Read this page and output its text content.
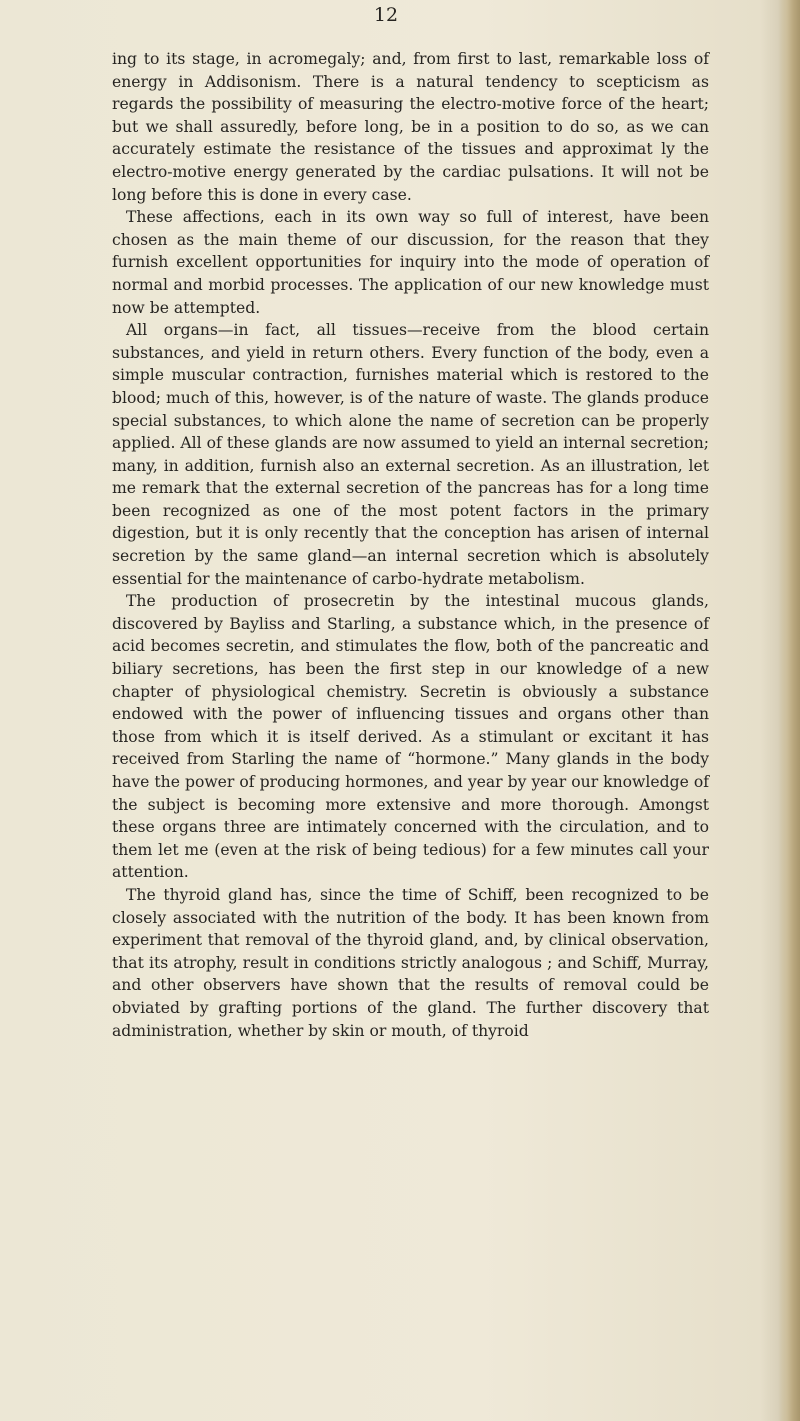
12

ing to its stage, in acromegaly; and, from first to last, remarkable loss of energy in Addisonism. There is a natural tendency to scepticism as regards the possibility of measuring the electro-motive force of the heart; but we shall assuredly, before long, be in a position to do so, as we can accurately estimate the resistance of the tissues and approximat ly the electro-motive energy generated by the cardiac pulsations. It will not be long before this is done in every case.

These affections, each in its own way so full of interest, have been chosen as the main theme of our discussion, for the reason that they furnish excellent opportunities for inquiry into the mode of operation of normal and morbid processes. The application of our new knowledge must now be attempted.

All organs—in fact, all tissues—receive from the blood certain substances, and yield in return others. Every function of the body, even a simple muscular contraction, furnishes material which is restored to the blood; much of this, however, is of the nature of waste. The glands produce special substances, to which alone the name of secretion can be properly applied. All of these glands are now assumed to yield an internal secretion; many, in addition, furnish also an external secretion. As an illustration, let me remark that the external secretion of the pancreas has for a long time been recognized as one of the most potent factors in the primary digestion, but it is only recently that the conception has arisen of internal secretion by the same gland—an internal secretion which is absolutely essential for the maintenance of carbo-hydrate metabolism.

The production of prosecretin by the intestinal mucous glands, discovered by Bayliss and Starling, a substance which, in the presence of acid becomes secretin, and stimulates the flow, both of the pancreatic and biliary secretions, has been the first step in our knowledge of a new chapter of physiological chemistry. Secretin is obviously a substance endowed with the power of influencing tissues and organs other than those from which it is itself derived. As a stimulant or excitant it has received from Starling the name of “hormone.” Many glands in the body have the power of producing hormones, and year by year our knowledge of the subject is becoming more extensive and more thorough. Amongst these organs three are intimately concerned with the circulation, and to them let me (even at the risk of being tedious) for a few minutes call your attention.

The thyroid gland has, since the time of Schiff, been recognized to be closely associated with the nutrition of the body. It has been known from experiment that removal of the thyroid gland, and, by clinical observation, that its atrophy, result in conditions strictly analogous ; and Schiff, Murray, and other observers have shown that the results of removal could be obviated by grafting portions of the gland. The further discovery that administration, whether by skin or mouth, of thyroid
